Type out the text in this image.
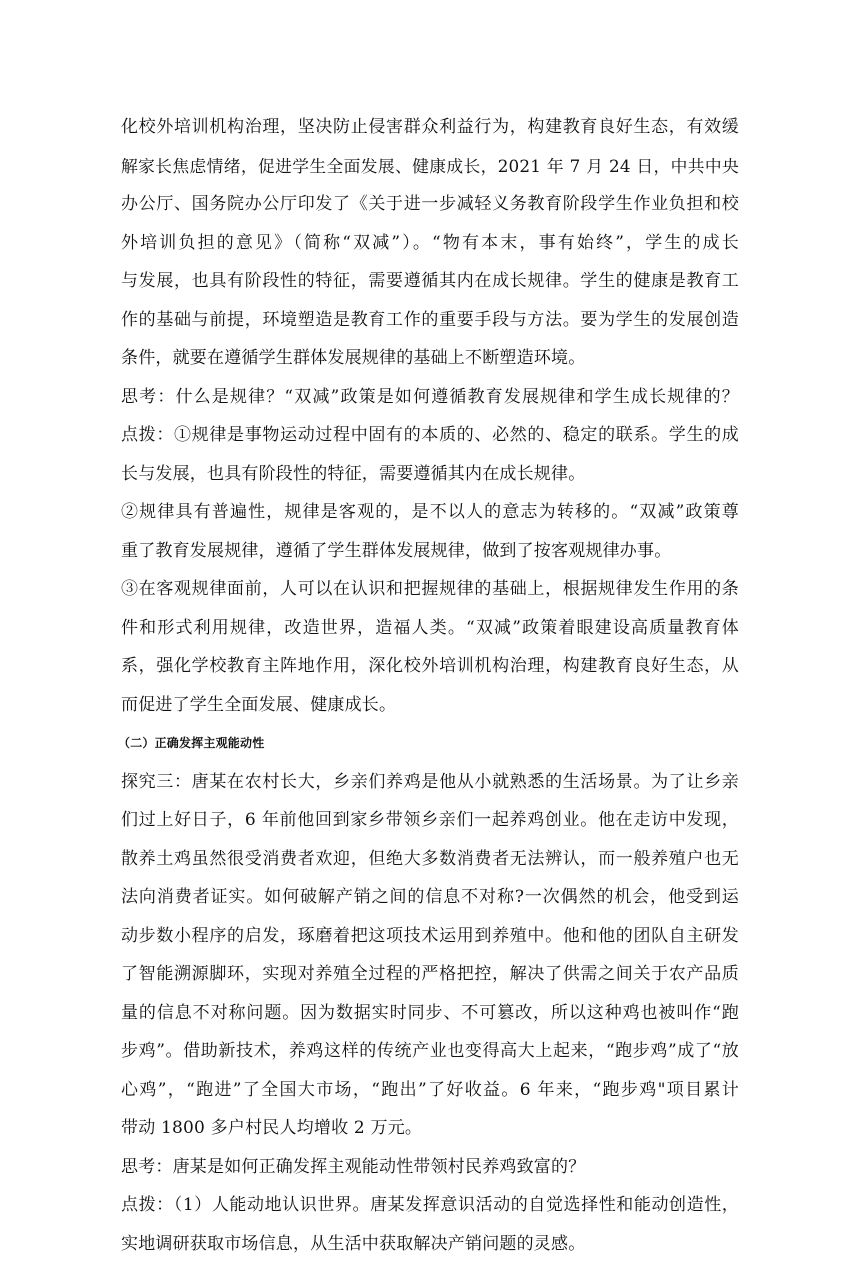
化校外培训机构治理，坚决防止侵害群众利益行为，构建教育良好生态，有效缓
解家长焦虑情绪，促进学生全面发展、健康成长，2021 年 7 月 24 日，中共中央
办公厅、国务院办公厅印发了《关于进一步减轻义务教育阶段学生作业负担和校
外培训负担的意见》（简称“双减”）。“物有本末，事有始终”，学生的成长
与发展，也具有阶段性的特征，需要遵循其内在成长规律。学生的健康是教育工
作的基础与前提，环境塑造是教育工作的重要手段与方法。要为学生的发展创造
条件，就要在遵循学生群体发展规律的基础上不断塑造环境。
思考：什么是规律？“双减”政策是如何遵循教育发展规律和学生成长规律的？
点拨：①规律是事物运动过程中固有的本质的、必然的、稳定的联系。学生的成
长与发展，也具有阶段性的特征，需要遵循其内在成长规律。
②规律具有普遍性，规律是客观的，是不以人的意志为转移的。“双减”政策尊
重了教育发展规律，遵循了学生群体发展规律，做到了按客观规律办事。
③在客观规律面前，人可以在认识和把握规律的基础上，根据规律发生作用的条
件和形式利用规律，改造世界，造福人类。“双减”政策着眼建设高质量教育体
系，强化学校教育主阵地作用，深化校外培训机构治理，构建教育良好生态，从
而促进了学生全面发展、健康成长。
（二）正确发挥主观能动性
探究三：唐某在农村长大，乡亲们养鸡是他从小就熟悉的生活场景。为了让乡亲
们过上好日子，6 年前他回到家乡带领乡亲们一起养鸡创业。他在走访中发现，
散养土鸡虽然很受消费者欢迎，但绝大多数消费者无法辨认，而一般养殖户也无
法向消费者证实。如何破解产销之间的信息不对称?一次偶然的机会，他受到运
动步数小程序的启发，琢磨着把这项技术运用到养殖中。他和他的团队自主研发
了智能溯源脚环，实现对养殖全过程的严格把控，解决了供需之间关于农产品质
量的信息不对称问题。因为数据实时同步、不可篡改，所以这种鸡也被叫作“跑
步鸡”。借助新技术，养鸡这样的传统产业也变得高大上起来，“跑步鸡”成了“放
心鸡”，“跑进”了全国大市场，“跑出”了好收益。6 年来，“跑步鸡"项目累计
带动 1800 多户村民人均增收 2 万元。
思考：唐某是如何正确发挥主观能动性带领村民养鸡致富的？
点拨：（1）人能动地认识世界。唐某发挥意识活动的自觉选择性和能动创造性，
实地调研获取市场信息，从生活中获取解决产销问题的灵感。
